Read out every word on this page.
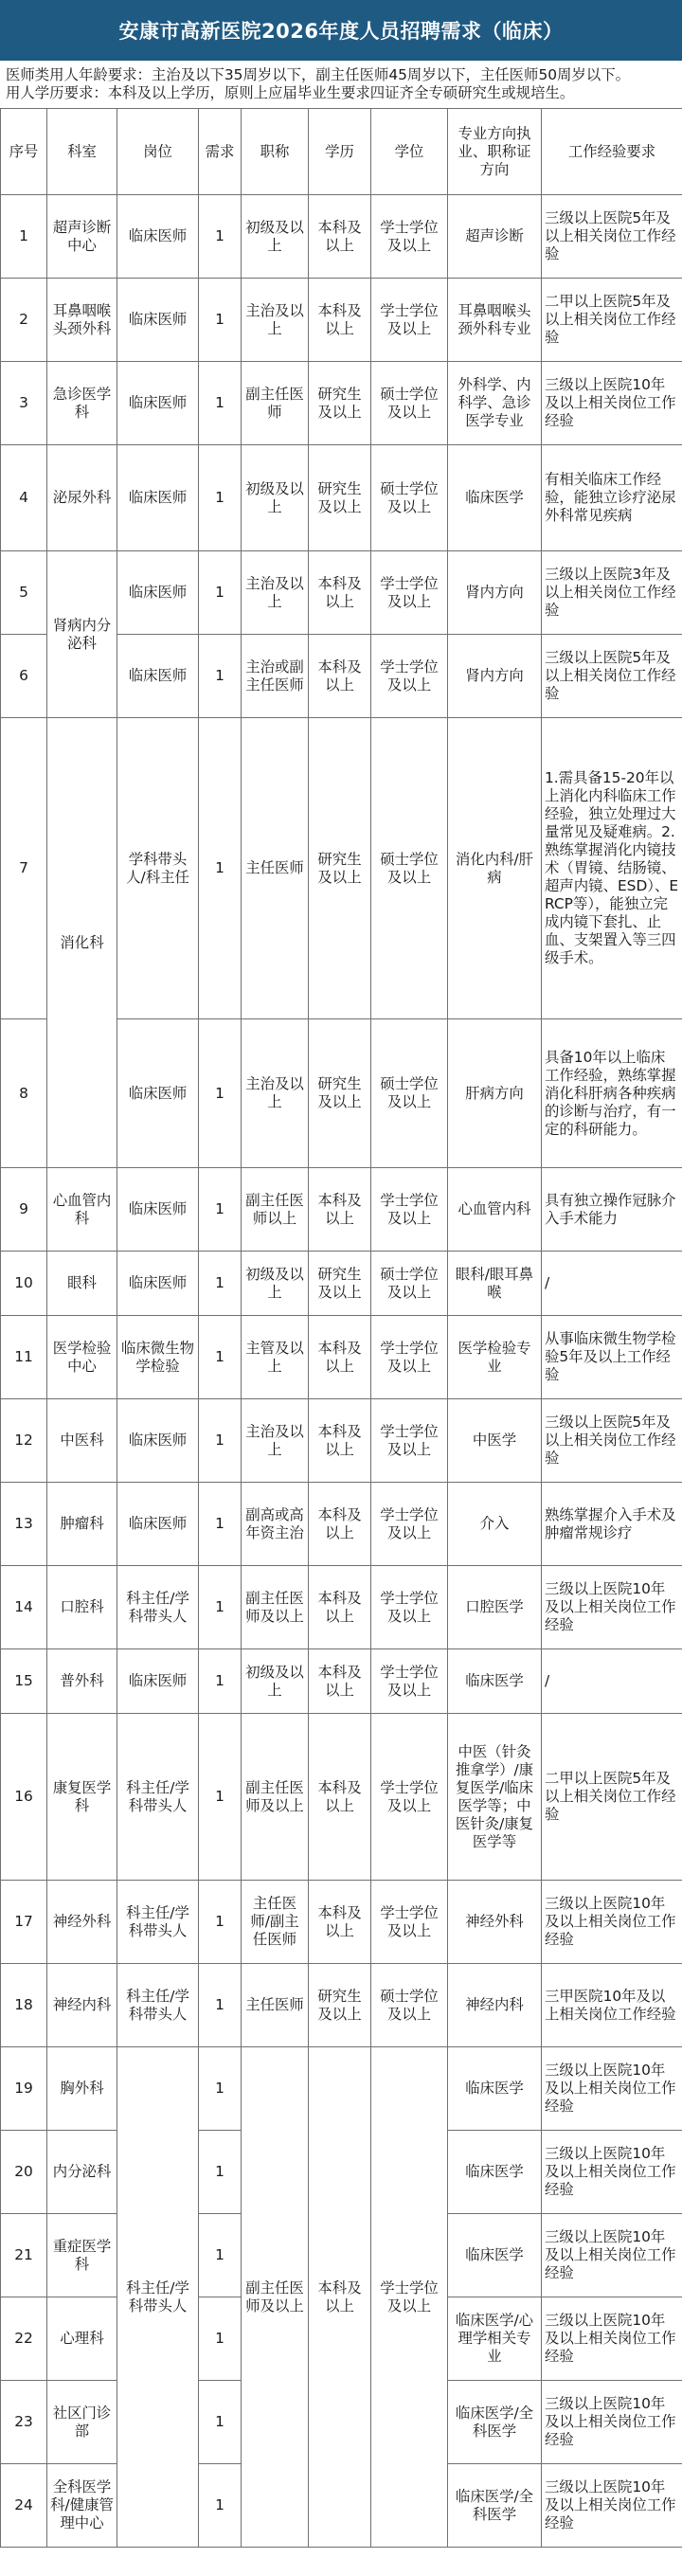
安康市高新医院2026年度人员招聘需求（临床）

医师类用人年龄要求：主治及以下35周岁以下，副主任医师45周岁以下，主任医师50周岁以下。

用人学历要求：本科及以上学历，原则上应届毕业生要求四证齐全专硕研究生或规培生。

序号	科室	岗位	需求	职称	学历	学位	专业方向执业、职称证方向	工作经验要求
1	超声诊断中心	临床医师	1	初级及以上	本科及以上	学士学位及以上	超声诊断	三级以上医院5年及以上相关岗位工作经验
2	耳鼻咽喉头颈外科	临床医师	1	主治及以上	本科及以上	学士学位及以上	耳鼻咽喉头颈外科专业	二甲以上医院5年及以上相关岗位工作经验
3	急诊医学科	临床医师	1	副主任医师	研究生及以上	硕士学位及以上	外科学、内科学、急诊医学专业	三级以上医院10年及以上相关岗位工作经验
4	泌尿外科	临床医师	1	初级及以上	研究生及以上	硕士学位及以上	临床医学	有相关临床工作经验，能独立诊疗泌尿外科常见疾病
5	肾病内分泌科	临床医师	1	主治及以上	本科及以上	学士学位及以上	肾内方向	三级以上医院3年及以上相关岗位工作经验
6		临床医师	1	主治或副主任医师	本科及以上	学士学位及以上	肾内方向	三级以上医院5年及以上相关岗位工作经验
7	消化科	学科带头人/科主任	1	主任医师	研究生及以上	硕士学位及以上	消化内科/肝病	1.需具备15-20年以上消化内科临床工作经验，独立处理过大量常见及疑难病。2.熟练掌握消化内镜技术（胃镜、结肠镜、超声内镜、ESD）、ERCP等），能独立完成内镜下套扎、止血、支架置入等三四级手术。
8		临床医师	1	主治及以上	研究生及以上	硕士学位及以上	肝病方向	具备10年以上临床工作经验，熟练掌握消化科肝病各种疾病的诊断与治疗，有一定的科研能力。
9	心血管内科	临床医师	1	副主任医师以上	本科及以上	学士学位及以上	心血管内科	具有独立操作冠脉介入手术能力
10	眼科	临床医师	1	初级及以上	研究生及以上	硕士学位及以上	眼科/眼耳鼻喉	/
11	医学检验中心	临床微生物学检验	1	主管及以上	本科及以上	学士学位及以上	医学检验专业	从事临床微生物学检验5年及以上工作经验
12	中医科	临床医师	1	主治及以上	本科及以上	学士学位及以上	中医学	三级以上医院5年及以上相关岗位工作经验
13	肿瘤科	临床医师	1	副高或高年资主治	本科及以上	学士学位及以上	介入	熟练掌握介入手术及肿瘤常规诊疗
14	口腔科	科主任/学科带头人	1	副主任医师及以上	本科及以上	学士学位及以上	口腔医学	三级以上医院10年及以上相关岗位工作经验
15	普外科	临床医师	1	初级及以上	本科及以上	学士学位及以上	临床医学	/
16	康复医学科	科主任/学科带头人	1	副主任医师及以上	本科及以上	学士学位及以上	中医（针灸推拿学）/康复医学/临床医学等；中医针灸/康复医学等	二甲以上医院5年及以上相关岗位工作经验
17	神经外科	科主任/学科带头人	1	主任医师/副主任医师	本科及以上	学士学位及以上	神经外科	三级以上医院10年及以上相关岗位工作经验
18	神经内科	科主任/学科带头人	1	主任医师	研究生及以上	硕士学位及以上	神经内科	三甲医院10年及以上相关岗位工作经验
19	胸外科	科主任/学科带头人	1	副主任医师及以上	本科及以上	学士学位及以上	临床医学	三级以上医院10年及以上相关岗位工作经验
20	内分泌科		1				临床医学	三级以上医院10年及以上相关岗位工作经验
21	重症医学科		1				临床医学	三级以上医院10年及以上相关岗位工作经验
22	心理科		1				临床医学/心理学相关专业	三级以上医院10年及以上相关岗位工作经验
23	社区门诊部		1				临床医学/全科医学	三级以上医院10年及以上相关岗位工作经验
24	全科医学科/健康管理中心		1				临床医学/全科医学	三级以上医院10年及以上相关岗位工作经验
